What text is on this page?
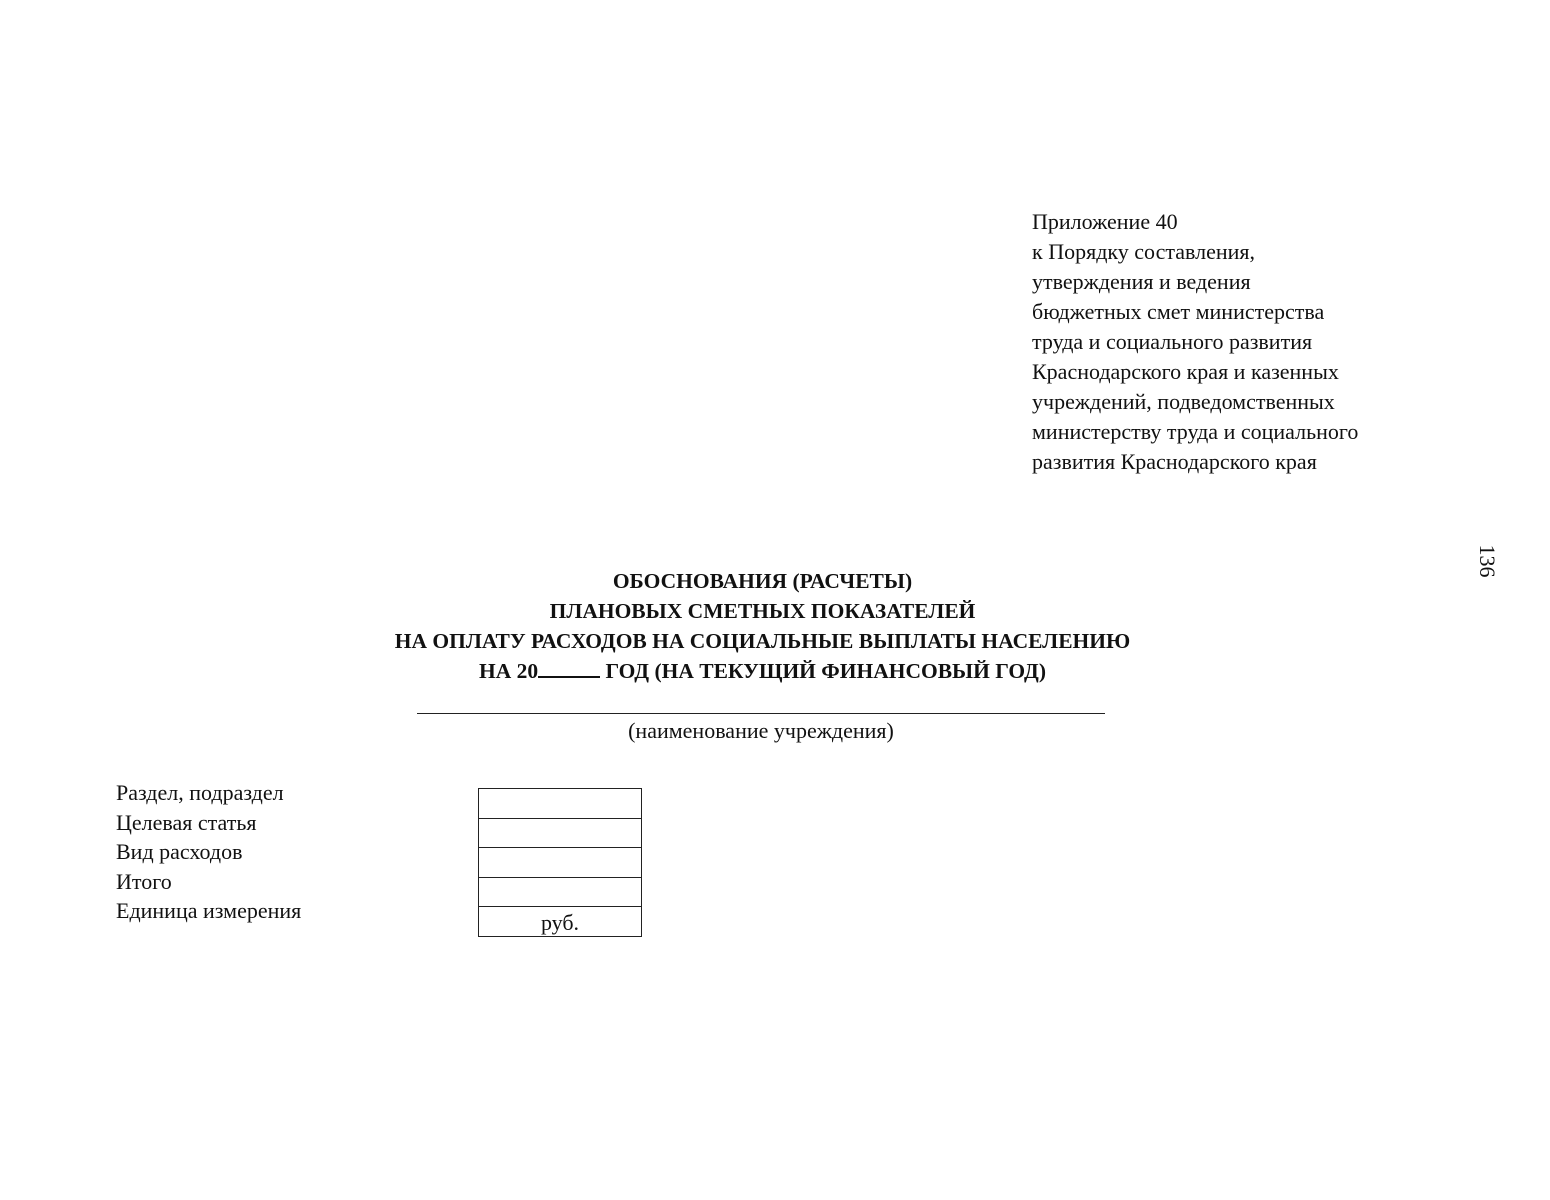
Приложение 40
к Порядку составления,
утверждения и ведения
бюджетных смет министерства
труда и социального развития
Краснодарского края и казенных
учреждений, подведомственных
министерству труда и социального
развития Краснодарского края
136
ОБОСНОВАНИЯ (РАСЧЕТЫ)
ПЛАНОВЫХ СМЕТНЫХ ПОКАЗАТЕЛЕЙ
НА ОПЛАТУ РАСХОДОВ НА СОЦИАЛЬНЫЕ ВЫПЛАТЫ НАСЕЛЕНИЮ
НА 20	ГОД (НА ТЕКУЩИЙ ФИНАНСОВЫЙ ГОД)
(наименование учреждения)
Раздел, подраздел
Целевая статья
Вид расходов
Итого
Единица измерения	руб.
